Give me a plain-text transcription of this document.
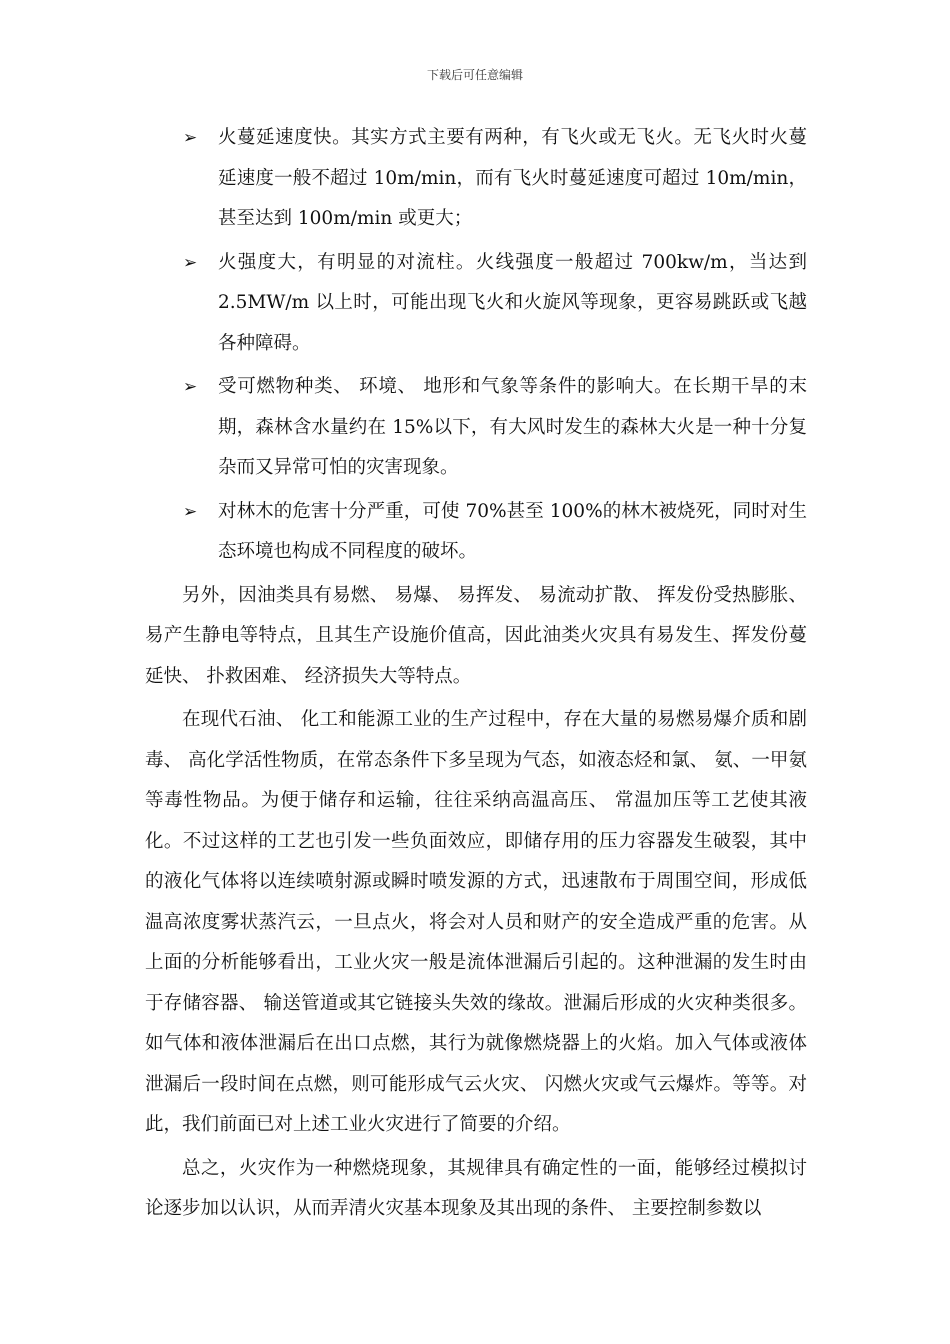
下载后可任意编辑
➢ 火蔓延速度快。其实方式主要有两种，有飞火或无飞火。无飞火时火蔓延速度一般不超过 10m/min，而有飞火时蔓延速度可超过 10m/min，甚至达到 100m/min 或更大；
➢ 火强度大，有明显的对流柱。火线强度一般超过 700kw/m，当达到 2.5MW/m 以上时，可能出现飞火和火旋风等现象，更容易跳跃或飞越各种障碍。
➢ 受可燃物种类、 环境、 地形和气象等条件的影响大。在长期干旱的末期，森林含水量约在 15%以下，有大风时发生的森林大火是一种十分复杂而又异常可怕的灾害现象。
➢ 对林木的危害十分严重，可使 70%甚至 100%的林木被烧死，同时对生态环境也构成不同程度的破坏。

另外，因油类具有易燃、 易爆、 易挥发、 易流动扩散、 挥发份受热膨胀、 易产生静电等特点，且其生产设施价值高，因此油类火灾具有易发生、挥发份蔓延快、 扑救困难、 经济损失大等特点。

在现代石油、 化工和能源工业的生产过程中，存在大量的易燃易爆介质和剧毒、 高化学活性物质，在常态条件下多呈现为气态，如液态烃和氯、 氨、一甲氨等毒性物品。为便于储存和运输，往往采纳高温高压、 常温加压等工艺使其液化。不过这样的工艺也引发一些负面效应，即储存用的压力容器发生破裂，其中的液化气体将以连续喷射源或瞬时喷发源的方式，迅速散布于周围空间，形成低温高浓度雾状蒸汽云，一旦点火，将会对人员和财产的安全造成严重的危害。从上面的分析能够看出，工业火灾一般是流体泄漏后引起的。这种泄漏的发生时由于存储容器、 输送管道或其它链接头失效的缘故。泄漏后形成的火灾种类很多。如气体和液体泄漏后在出口点燃，其行为就像燃烧器上的火焰。加入气体或液体泄漏后一段时间在点燃，则可能形成气云火灾、 闪燃火灾或气云爆炸。等等。对此，我们前面已对上述工业火灾进行了简要的介绍。

总之，火灾作为一种燃烧现象，其规律具有确定性的一面，能够经过模拟讨论逐步加以认识，从而弄清火灾基本现象及其出现的条件、 主要控制参数以
